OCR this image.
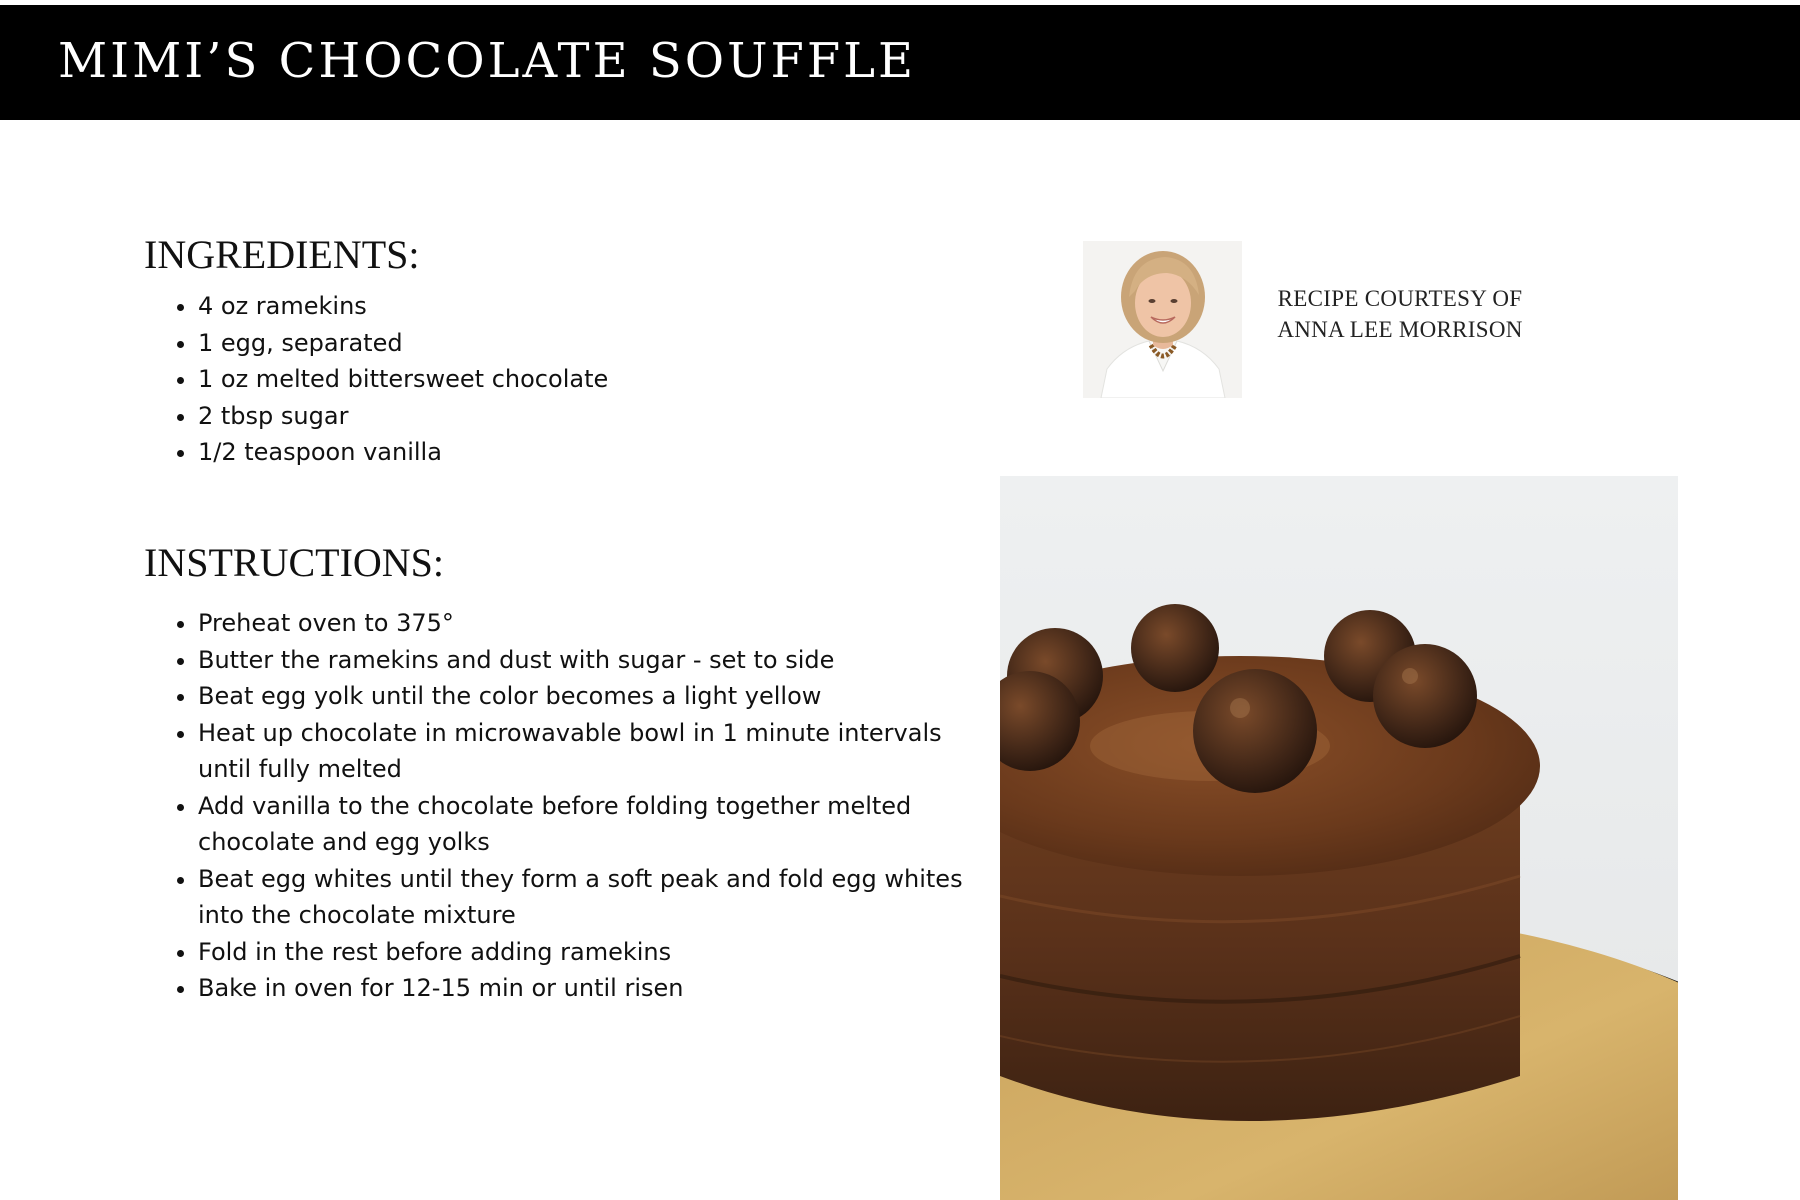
MIMI’S CHOCOLATE SOUFFLE
INGREDIENTS:
• 4 oz ramekins
• 1 egg, separated
• 1 oz melted bittersweet chocolate
• 2 tbsp sugar
• 1/2 teaspoon vanilla
INSTRUCTIONS:
• Preheat oven to 375°
• Butter the ramekins and dust with sugar - set to side
• Beat egg yolk until the color becomes a light yellow
• Heat up chocolate in microwavable bowl in 1 minute intervals until fully melted
• Add vanilla to the chocolate before folding together melted chocolate and egg yolks
• Beat egg whites until they form a soft peak and fold egg whites into the chocolate mixture
• Fold in the rest before adding ramekins
• Bake in oven for 12-15 min or until risen
RECIPE COURTESY OF
ANNA LEE MORRISON
